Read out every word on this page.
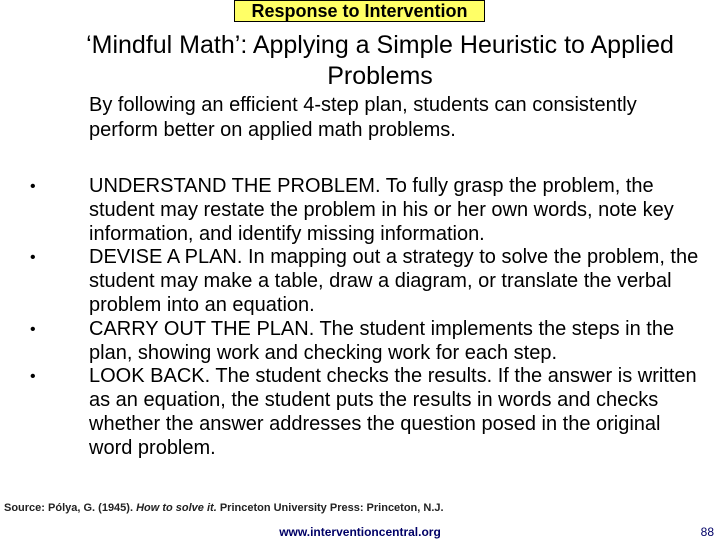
Response to Intervention
‘Mindful Math’: Applying a Simple Heuristic to Applied Problems
By following an efficient 4-step plan, students can consistently perform better on applied math problems.
•	UNDERSTAND THE PROBLEM. To fully grasp the problem, the student may restate the problem in his or her own words, note key information, and identify missing information.
•	DEVISE A PLAN. In mapping out a strategy to solve the problem, the student may make a table, draw a diagram, or translate the verbal problem into an equation.
•	CARRY OUT THE PLAN. The student implements the steps in the plan, showing work and checking work for each step.
•	LOOK BACK. The student checks the results. If the answer is written as an equation, the student puts the results in words and checks whether the answer addresses the question posed in the original word problem.
Source: Pólya, G. (1945). How to solve it. Princeton University Press: Princeton, N.J.
www.interventioncentral.org	88
